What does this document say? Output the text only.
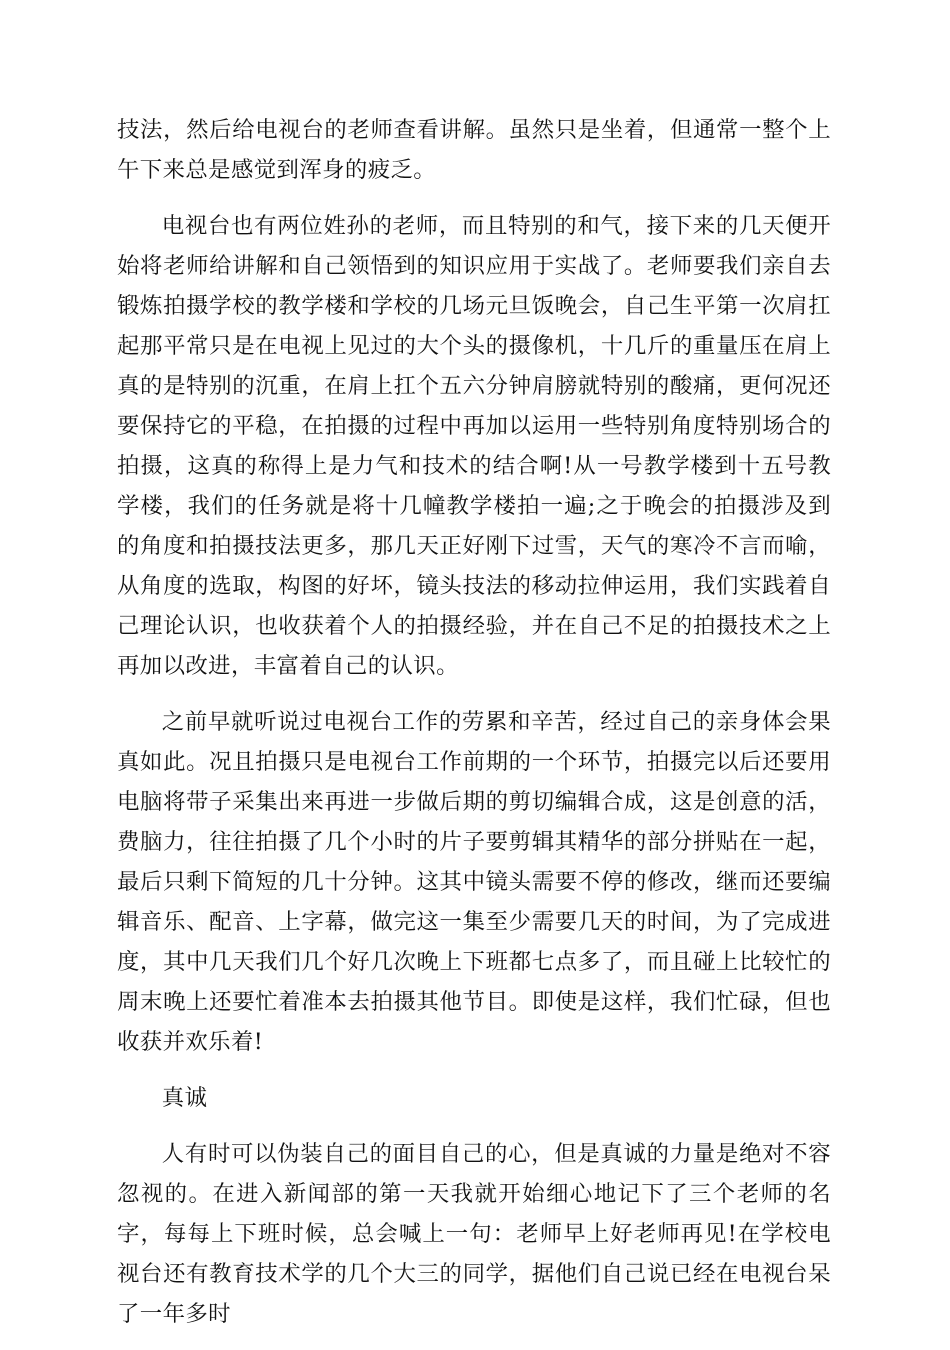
技法，然后给电视台的老师查看讲解。虽然只是坐着，但通常一整个上午下来总是感觉到浑身的疲乏。

电视台也有两位姓孙的老师，而且特别的和气，接下来的几天便开始将老师给讲解和自己领悟到的知识应用于实战了。老师要我们亲自去锻炼拍摄学校的教学楼和学校的几场元旦饭晚会，自己生平第一次肩扛起那平常只是在电视上见过的大个头的摄像机，十几斤的重量压在肩上真的是特别的沉重，在肩上扛个五六分钟肩膀就特别的酸痛，更何况还要保持它的平稳，在拍摄的过程中再加以运用一些特别角度特别场合的拍摄，这真的称得上是力气和技术的结合啊!从一号教学楼到十五号教学楼，我们的任务就是将十几幢教学楼拍一遍;之于晚会的拍摄涉及到的角度和拍摄技法更多，那几天正好刚下过雪，天气的寒冷不言而喻，从角度的选取，构图的好坏，镜头技法的移动拉伸运用，我们实践着自己理论认识，也收获着个人的拍摄经验，并在自己不足的拍摄技术之上再加以改进，丰富着自己的认识。

之前早就听说过电视台工作的劳累和辛苦，经过自己的亲身体会果真如此。况且拍摄只是电视台工作前期的一个环节，拍摄完以后还要用电脑将带子采集出来再进一步做后期的剪切编辑合成，这是创意的活，费脑力，往往拍摄了几个小时的片子要剪辑其精华的部分拼贴在一起，最后只剩下简短的几十分钟。这其中镜头需要不停的修改，继而还要编辑音乐、配音、上字幕，做完这一集至少需要几天的时间，为了完成进度，其中几天我们几个好几次晚上下班都七点多了，而且碰上比较忙的周末晚上还要忙着准本去拍摄其他节目。即使是这样，我们忙碌，但也收获并欢乐着!

真诚

人有时可以伪装自己的面目自己的心，但是真诚的力量是绝对不容忽视的。在进入新闻部的第一天我就开始细心地记下了三个老师的名字，每每上下班时候，总会喊上一句：老师早上好老师再见!在学校电视台还有教育技术学的几个大三的同学，据他们自己说已经在电视台呆了一年多时
